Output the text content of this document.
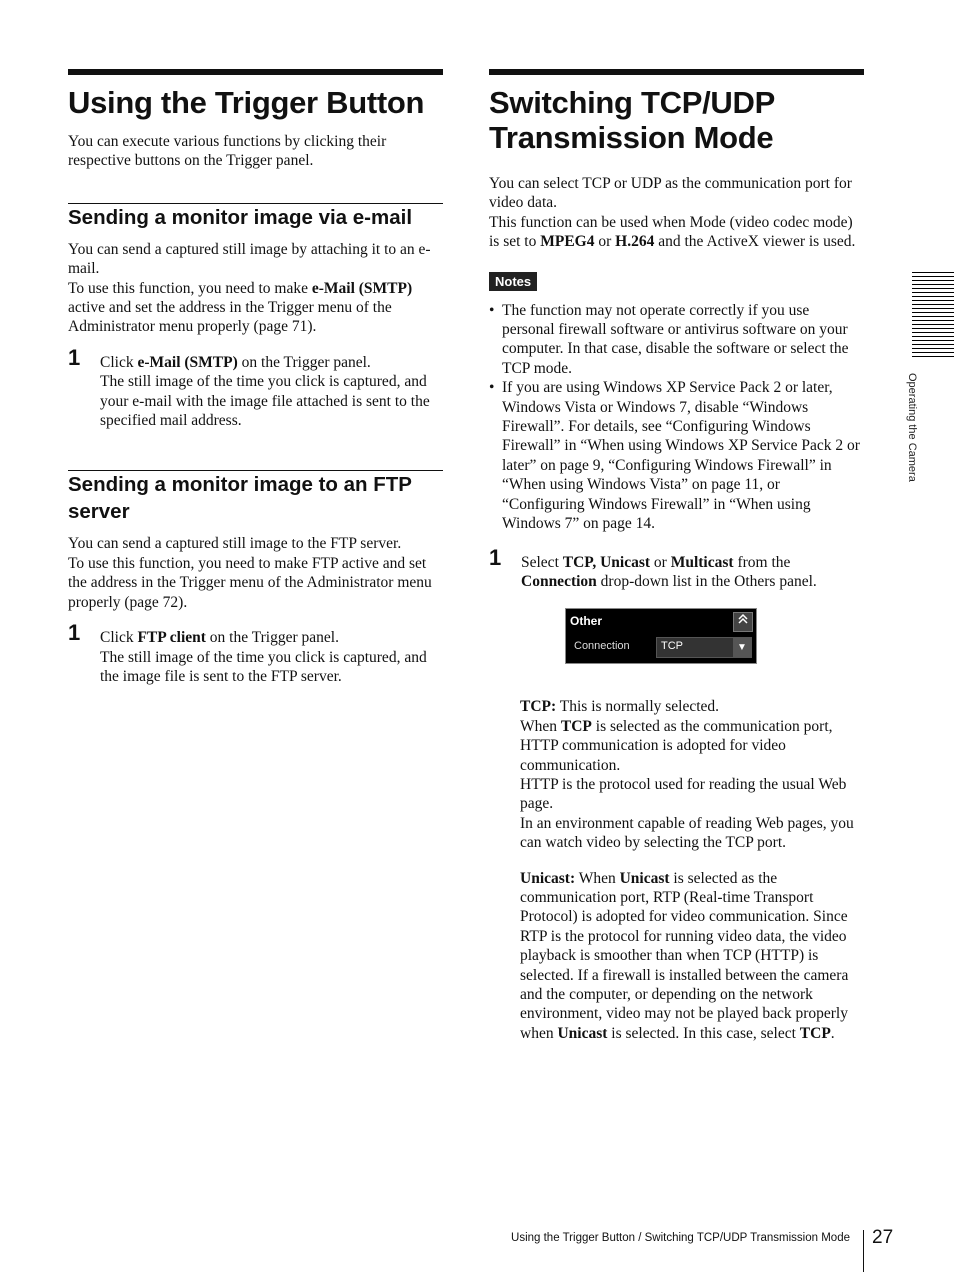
Using the Trigger Button

You can execute various functions by clicking their respective buttons on the Trigger panel.

Sending a monitor image via e-mail

You can send a captured still image by attaching it to an e-mail.

To use this function, you need to make e-Mail (SMTP) active and set the address in the Trigger menu of the Administrator menu properly (page 71).

1 Click e-Mail (SMTP) on the Trigger panel.

The still image of the time you click is captured, and your e-mail with the image file attached is sent to the specified mail address.

Sending a monitor image to an FTP server

You can send a captured still image to the FTP server.

To use this function, you need to make FTP active and set the address in the Trigger menu of the Administrator menu properly (page 72).

1 Click FTP client on the Trigger panel.

The still image of the time you click is captured, and the image file is sent to the FTP server.

Switching TCP/UDP Transmission Mode

You can select TCP or UDP as the communication port for video data.

This function can be used when Mode (video codec mode) is set to MPEG4 or H.264 and the ActiveX viewer is used.

Notes
• The function may not operate correctly if you use personal firewall software or antivirus software on your computer. In that case, disable the software or select the TCP mode.
• If you are using Windows XP Service Pack 2 or later, Windows Vista or Windows 7, disable “Windows Firewall”. For details, see “Configuring Windows Firewall” in “When using Windows XP Service Pack 2 or later” on page 9, “Configuring Windows Firewall” in “When using Windows Vista” on page 11, or “Configuring Windows Firewall” in “When using Windows 7” on page 14.
1 Select TCP, Unicast or Multicast from the Connection drop-down list in the Others panel.

Other
Connection	TCP	▼

TCP: This is normally selected.

When TCP is selected as the communication port, HTTP communication is adopted for video communication.

HTTP is the protocol used for reading the usual Web page.

In an environment capable of reading Web pages, you can watch video by selecting the TCP port.

Unicast: When Unicast is selected as the communication port, RTP (Real-time Transport Protocol) is adopted for video communication. Since RTP is the protocol for running video data, the video playback is smoother than when TCP (HTTP) is selected. If a firewall is installed between the camera and the computer, or depending on the network environment, video may not be played back properly when Unicast is selected. In this case, select TCP.

Operating the Camera
Using the Trigger Button / Switching TCP/UDP Transmission Mode 27
